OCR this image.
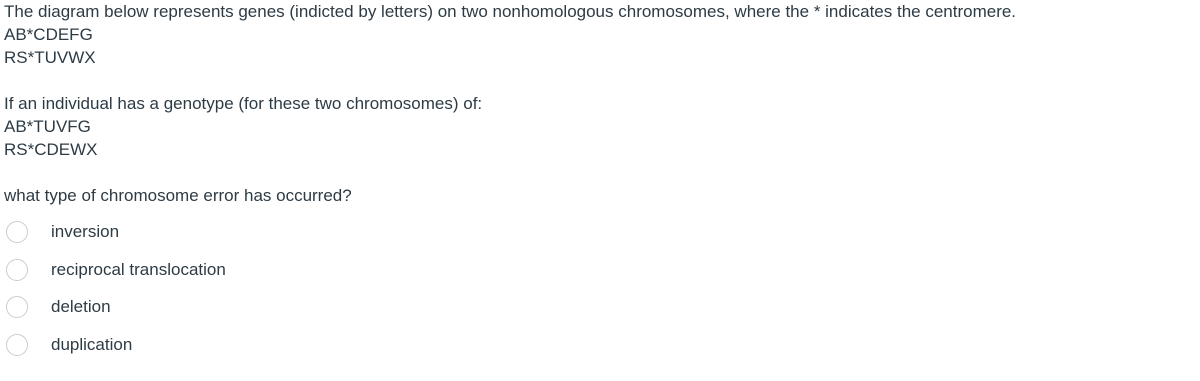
The diagram below represents genes (indicted by letters) on two nonhomologous chromosomes, where the * indicates the centromere.
AB*CDEFG
RS*TUVWX
If an individual has a genotype (for these two chromosomes) of:
AB*TUVFG
RS*CDEWX
what type of chromosome error has occurred?
inversion
reciprocal translocation
deletion
duplication
